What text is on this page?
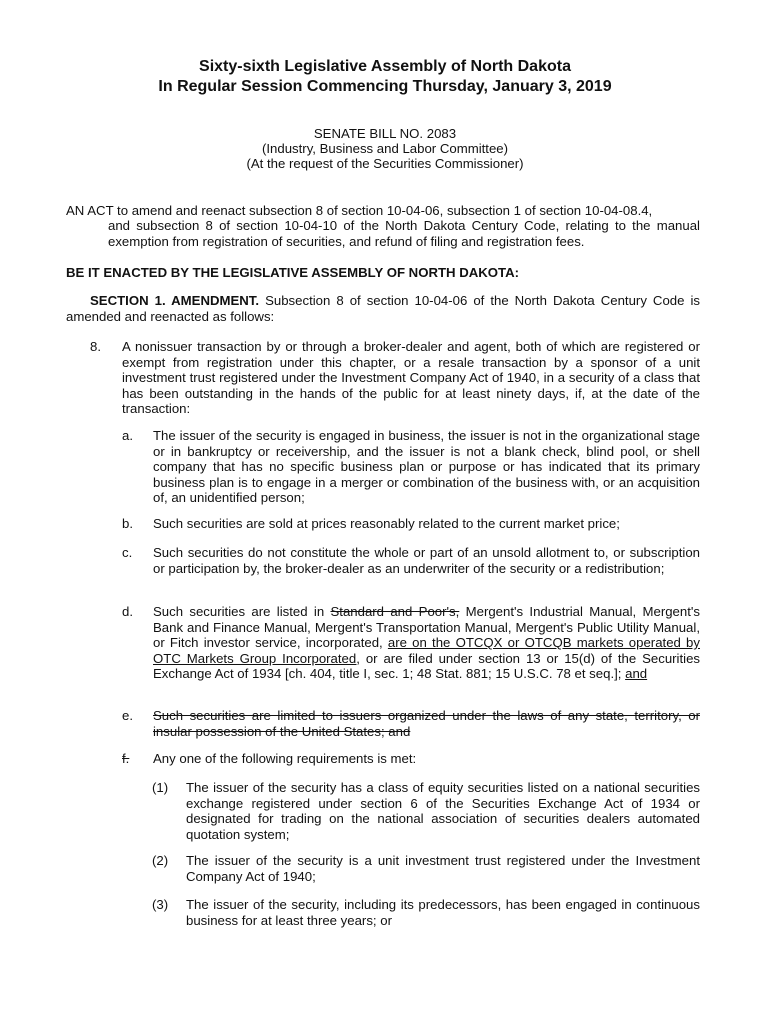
Sixty-sixth Legislative Assembly of North Dakota
In Regular Session Commencing Thursday, January 3, 2019
SENATE BILL NO. 2083
(Industry, Business and Labor Committee)
(At the request of the Securities Commissioner)
AN ACT to amend and reenact subsection 8 of section 10-04-06, subsection 1 of section 10-04-08.4,
and subsection 8 of section 10-04-10 of the North Dakota Century Code, relating to the manual exemption from registration of securities, and refund of filing and registration fees.
BE IT ENACTED BY THE LEGISLATIVE ASSEMBLY OF NORTH DAKOTA:
SECTION 1. AMENDMENT. Subsection 8 of section 10-04-06 of the North Dakota Century Code is amended and reenacted as follows:
8. A nonissuer transaction by or through a broker-dealer and agent, both of which are registered or exempt from registration under this chapter, or a resale transaction by a sponsor of a unit investment trust registered under the Investment Company Act of 1940, in a security of a class that has been outstanding in the hands of the public for at least ninety days, if, at the date of the transaction:
a. The issuer of the security is engaged in business, the issuer is not in the organizational stage or in bankruptcy or receivership, and the issuer is not a blank check, blind pool, or shell company that has no specific business plan or purpose or has indicated that its primary business plan is to engage in a merger or combination of the business with, or an acquisition of, an unidentified person;
b. Such securities are sold at prices reasonably related to the current market price;
c. Such securities do not constitute the whole or part of an unsold allotment to, or subscription or participation by, the broker-dealer as an underwriter of the security or a redistribution;
d. Such securities are listed in Standard and Poor's, Mergent's Industrial Manual, Mergent's Bank and Finance Manual, Mergent's Transportation Manual, Mergent's Public Utility Manual, or Fitch investor service, incorporated, are on the OTCQX or OTCQB markets operated by OTC Markets Group Incorporated, or are filed under section 13 or 15(d) of the Securities Exchange Act of 1934 [ch. 404, title I, sec. 1; 48 Stat. 881; 15 U.S.C. 78 et seq.]; and
e. Such securities are limited to issuers organized under the laws of any state, territory, or insular possession of the United States; and
f. Any one of the following requirements is met:
(1) The issuer of the security has a class of equity securities listed on a national securities exchange registered under section 6 of the Securities Exchange Act of 1934 or designated for trading on the national association of securities dealers automated quotation system;
(2) The issuer of the security is a unit investment trust registered under the Investment Company Act of 1940;
(3) The issuer of the security, including its predecessors, has been engaged in continuous business for at least three years; or
